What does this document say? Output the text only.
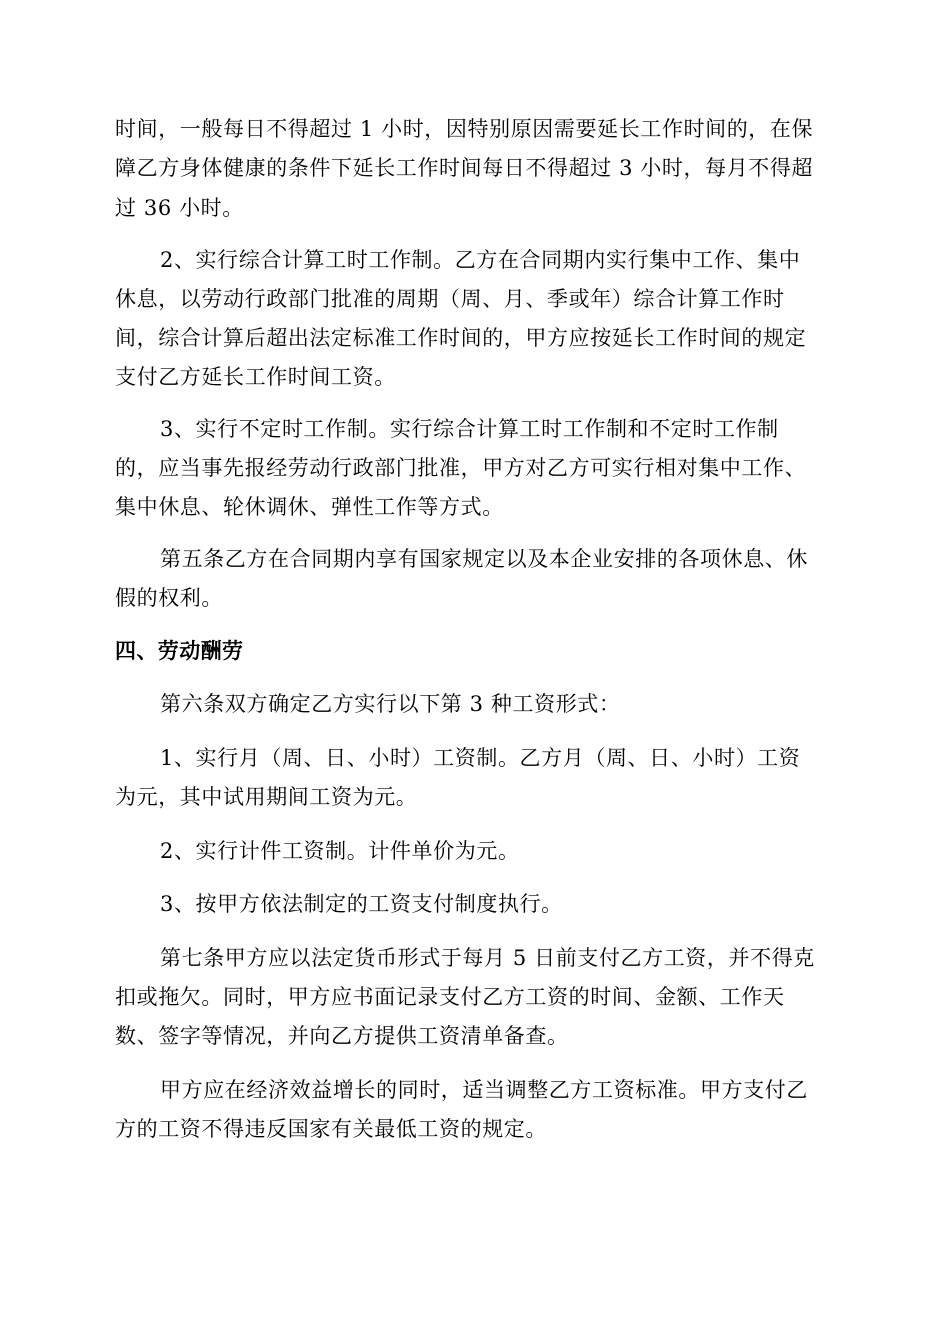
时间，一般每日不得超过 1 小时，因特别原因需要延长工作时间的，在保
障乙方身体健康的条件下延长工作时间每日不得超过 3 小时，每月不得超
过 36 小时。
2、实行综合计算工时工作制。乙方在合同期内实行集中工作、集中
休息，以劳动行政部门批准的周期（周、月、季或年）综合计算工作时
间，综合计算后超出法定标准工作时间的，甲方应按延长工作时间的规定
支付乙方延长工作时间工资。
3、实行不定时工作制。实行综合计算工时工作制和不定时工作制
的，应当事先报经劳动行政部门批准，甲方对乙方可实行相对集中工作、
集中休息、轮休调休、弹性工作等方式。
第五条乙方在合同期内享有国家规定以及本企业安排的各项休息、休
假的权利。
四、劳动酬劳
第六条双方确定乙方实行以下第 3 种工资形式：
1、实行月（周、日、小时）工资制。乙方月（周、日、小时）工资
为元，其中试用期间工资为元。
2、实行计件工资制。计件单价为元。
3、按甲方依法制定的工资支付制度执行。
第七条甲方应以法定货币形式于每月 5 日前支付乙方工资，并不得克
扣或拖欠。同时，甲方应书面记录支付乙方工资的时间、金额、工作天
数、签字等情况，并向乙方提供工资清单备查。
甲方应在经济效益增长的同时，适当调整乙方工资标准。甲方支付乙
方的工资不得违反国家有关最低工资的规定。
